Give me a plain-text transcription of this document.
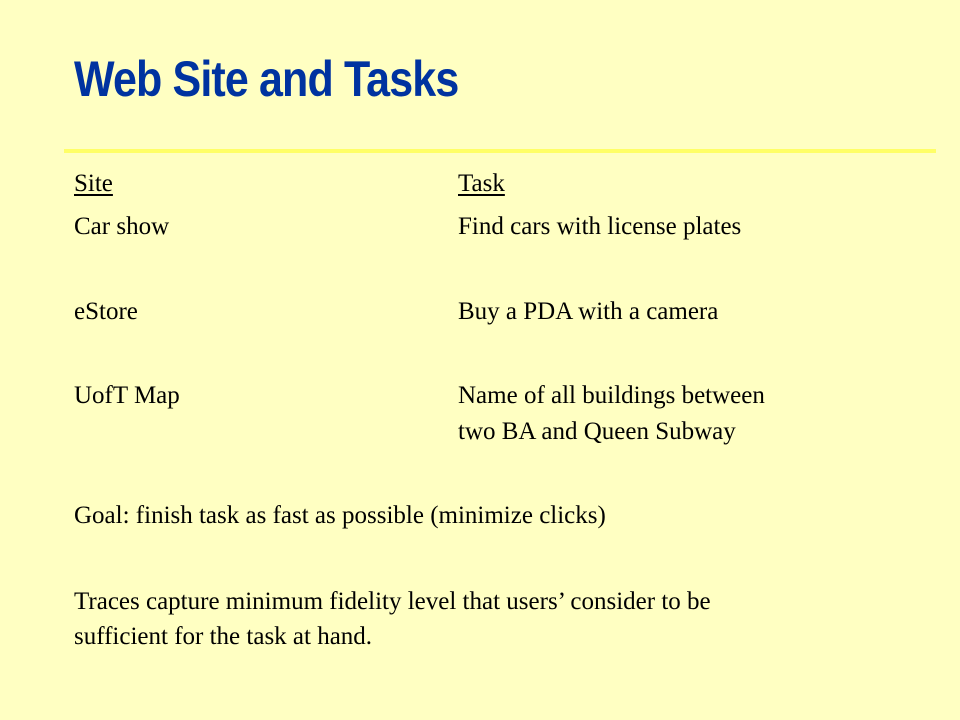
Web Site and Tasks

Site	Task

Car show	Find cars with license plates

eStore	Buy a PDA with a camera

UofT Map	Name of all buildings between

two BA and Queen Subway

Goal: finish task as fast as possible (minimize clicks)

Traces capture minimum fidelity level that users’ consider to be

sufficient for the task at hand.
